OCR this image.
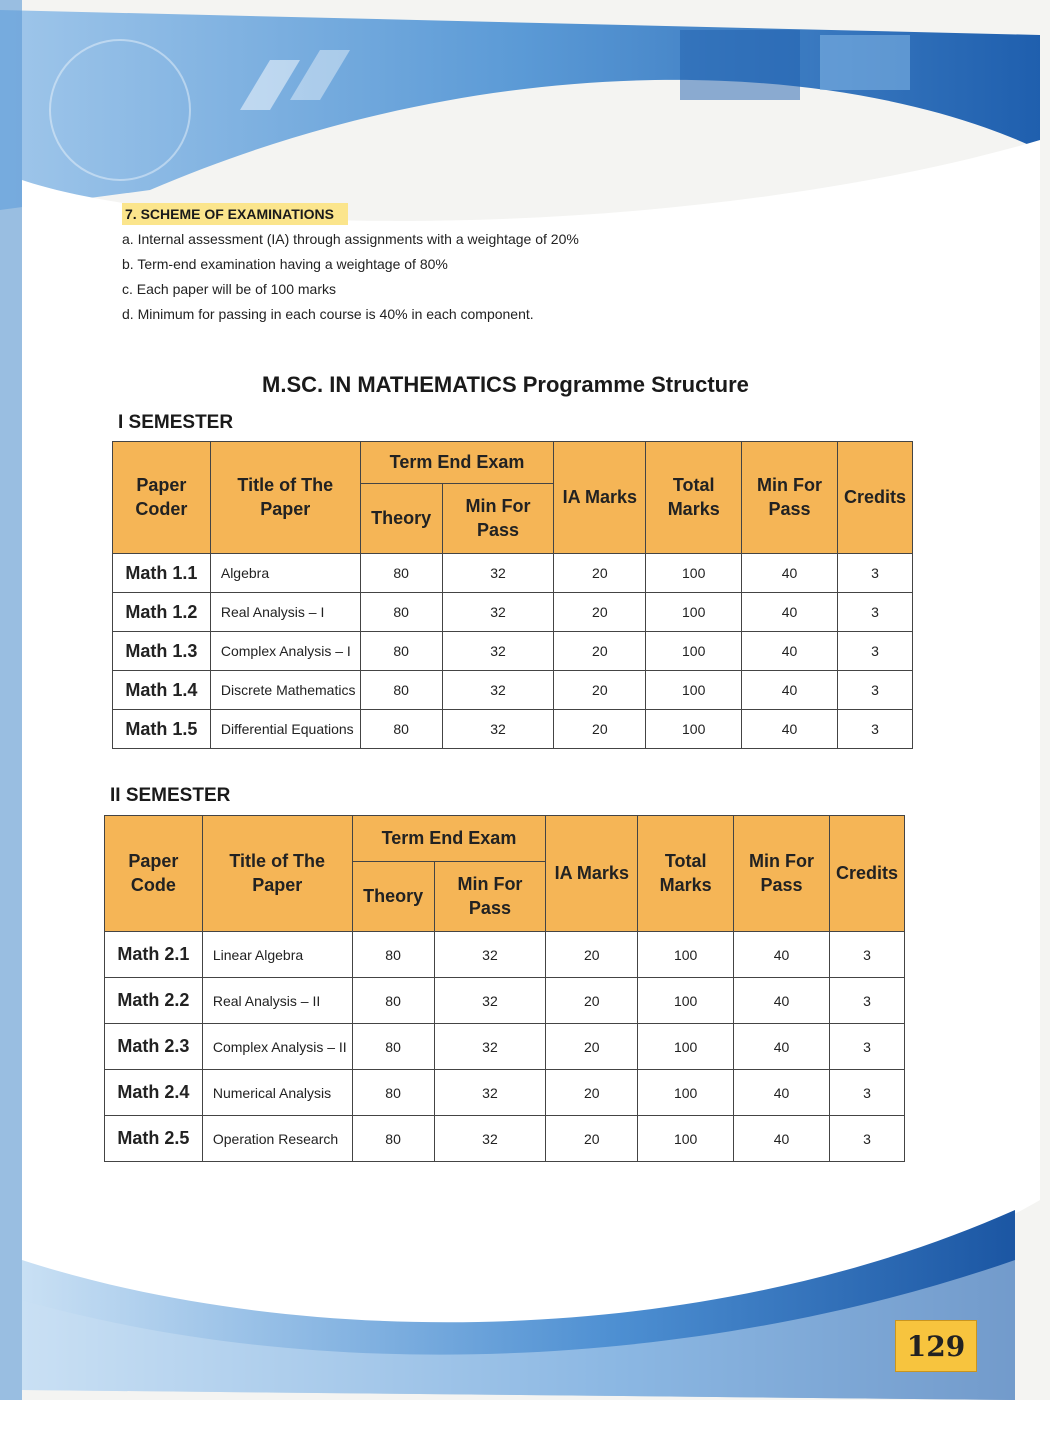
7. SCHEME OF EXAMINATIONS
a. Internal assessment (IA) through assignments with a weightage of 20%
b. Term-end examination having a weightage of 80%
c. Each paper will be of 100 marks
d. Minimum for passing in each course is 40% in each component.
M.SC. IN MATHEMATICS Programme Structure
I SEMESTER
Paper Coder	Title of The Paper	Term End Exam		IA Marks	Total Marks	Min For Pass	Credits
		Theory	Min For Pass				
Math 1.1	Algebra	80	32	20	100	40	3
Math 1.2	Real Analysis – I	80	32	20	100	40	3
Math 1.3	Complex Analysis – I	80	32	20	100	40	3
Math 1.4	Discrete Mathematics	80	32	20	100	40	3
Math 1.5	Differential Equations	80	32	20	100	40	3
II SEMESTER
Paper Code	Title of The Paper	Term End Exam		IA Marks	Total Marks	Min For Pass	Credits
		Theory	Min For Pass				
Math 2.1	Linear Algebra	80	32	20	100	40	3
Math 2.2	Real Analysis – II	80	32	20	100	40	3
Math 2.3	Complex Analysis – II	80	32	20	100	40	3
Math 2.4	Numerical Analysis	80	32	20	100	40	3
Math 2.5	Operation Research	80	32	20	100	40	3
129
